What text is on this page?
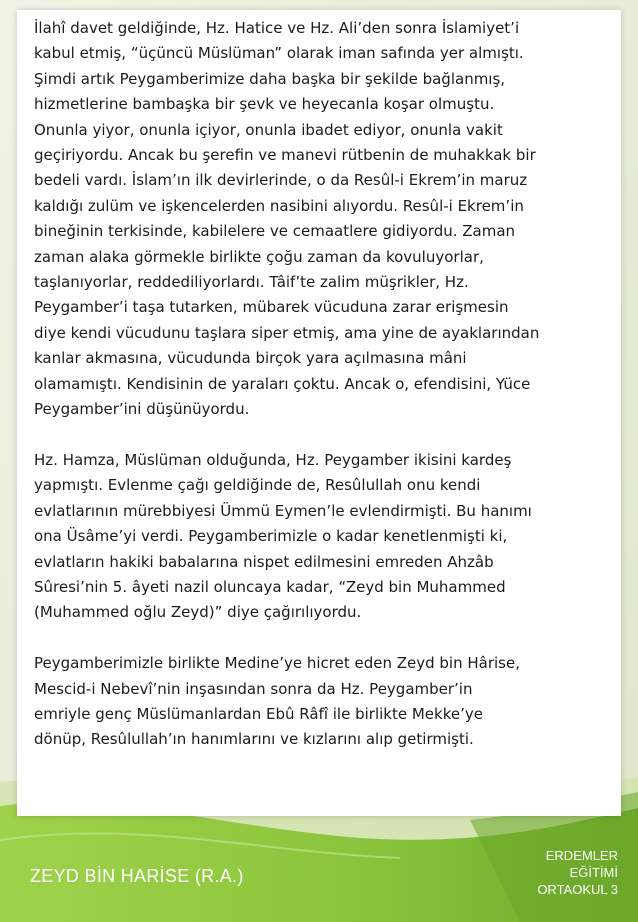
İlahî davet geldiğinde, Hz. Hatice ve Hz. Ali’den sonra İslamiyet’i
kabul etmiş, “üçüncü Müslüman” olarak iman safında yer almıştı.
Şimdi artık Peygamberimize daha başka bir şekilde bağlanmış,
hizmetlerine bambaşka bir şevk ve heyecanla koşar olmuştu.
Onunla yiyor, onunla içiyor, onunla ibadet ediyor, onunla vakit
geçiriyordu. Ancak bu şerefin ve manevi rütbenin de muhakkak bir
bedeli vardı. İslam’ın ilk devirlerinde, o da Resûl-i Ekrem’in maruz
kaldığı zulüm ve işkencelerden nasibini alıyordu. Resûl-i Ekrem’in
bineğinin terkisinde, kabilelere ve cemaatlere gidiyordu. Zaman
zaman alaka görmekle birlikte çoğu zaman da kovuluyorlar,
taşlanıyorlar, reddediliyorlardı. Tâif’te zalim müşrikler, Hz.
Peygamber’i taşa tutarken, mübarek vücuduna zarar erişmesin
diye kendi vücudunu taşlara siper etmiş, ama yine de ayaklarından
kanlar akmasına, vücudunda birçok yara açılmasına mâni
olamamıştı. Kendisinin de yaraları çoktu. Ancak o, efendisini, Yüce
Peygamber’ini düşünüyordu.

Hz. Hamza, Müslüman olduğunda, Hz. Peygamber ikisini kardeş
yapmıştı. Evlenme çağı geldiğinde de, Resûlullah onu kendi
evlatlarının mürebbiyesi Ümmü Eymen’le evlendirmişti. Bu hanımı
ona Üsâme’yi verdi. Peygamberimizle o kadar kenetlenmişti ki,
evlatların hakiki babalarına nispet edilmesini emreden Ahzâb
Sûresi’nin 5. âyeti nazil oluncaya kadar, “Zeyd bin Muhammed
(Muhammed oğlu Zeyd)” diye çağırılıyordu.

Peygamberimizle birlikte Medine’ye hicret eden Zeyd bin Hârise,
Mescid-i Nebevî’nin inşasından sonra da Hz. Peygamber’in
emriyle genç Müslümanlardan Ebû Râfî ile birlikte Mekke’ye
dönüp, Resûlullah’ın hanımlarını ve kızlarını alıp getirmişti.

ZEYD BİN HARİSE (R.A.)
ERDEMLER
EĞİTİMİ
ORTAOKUL 3
